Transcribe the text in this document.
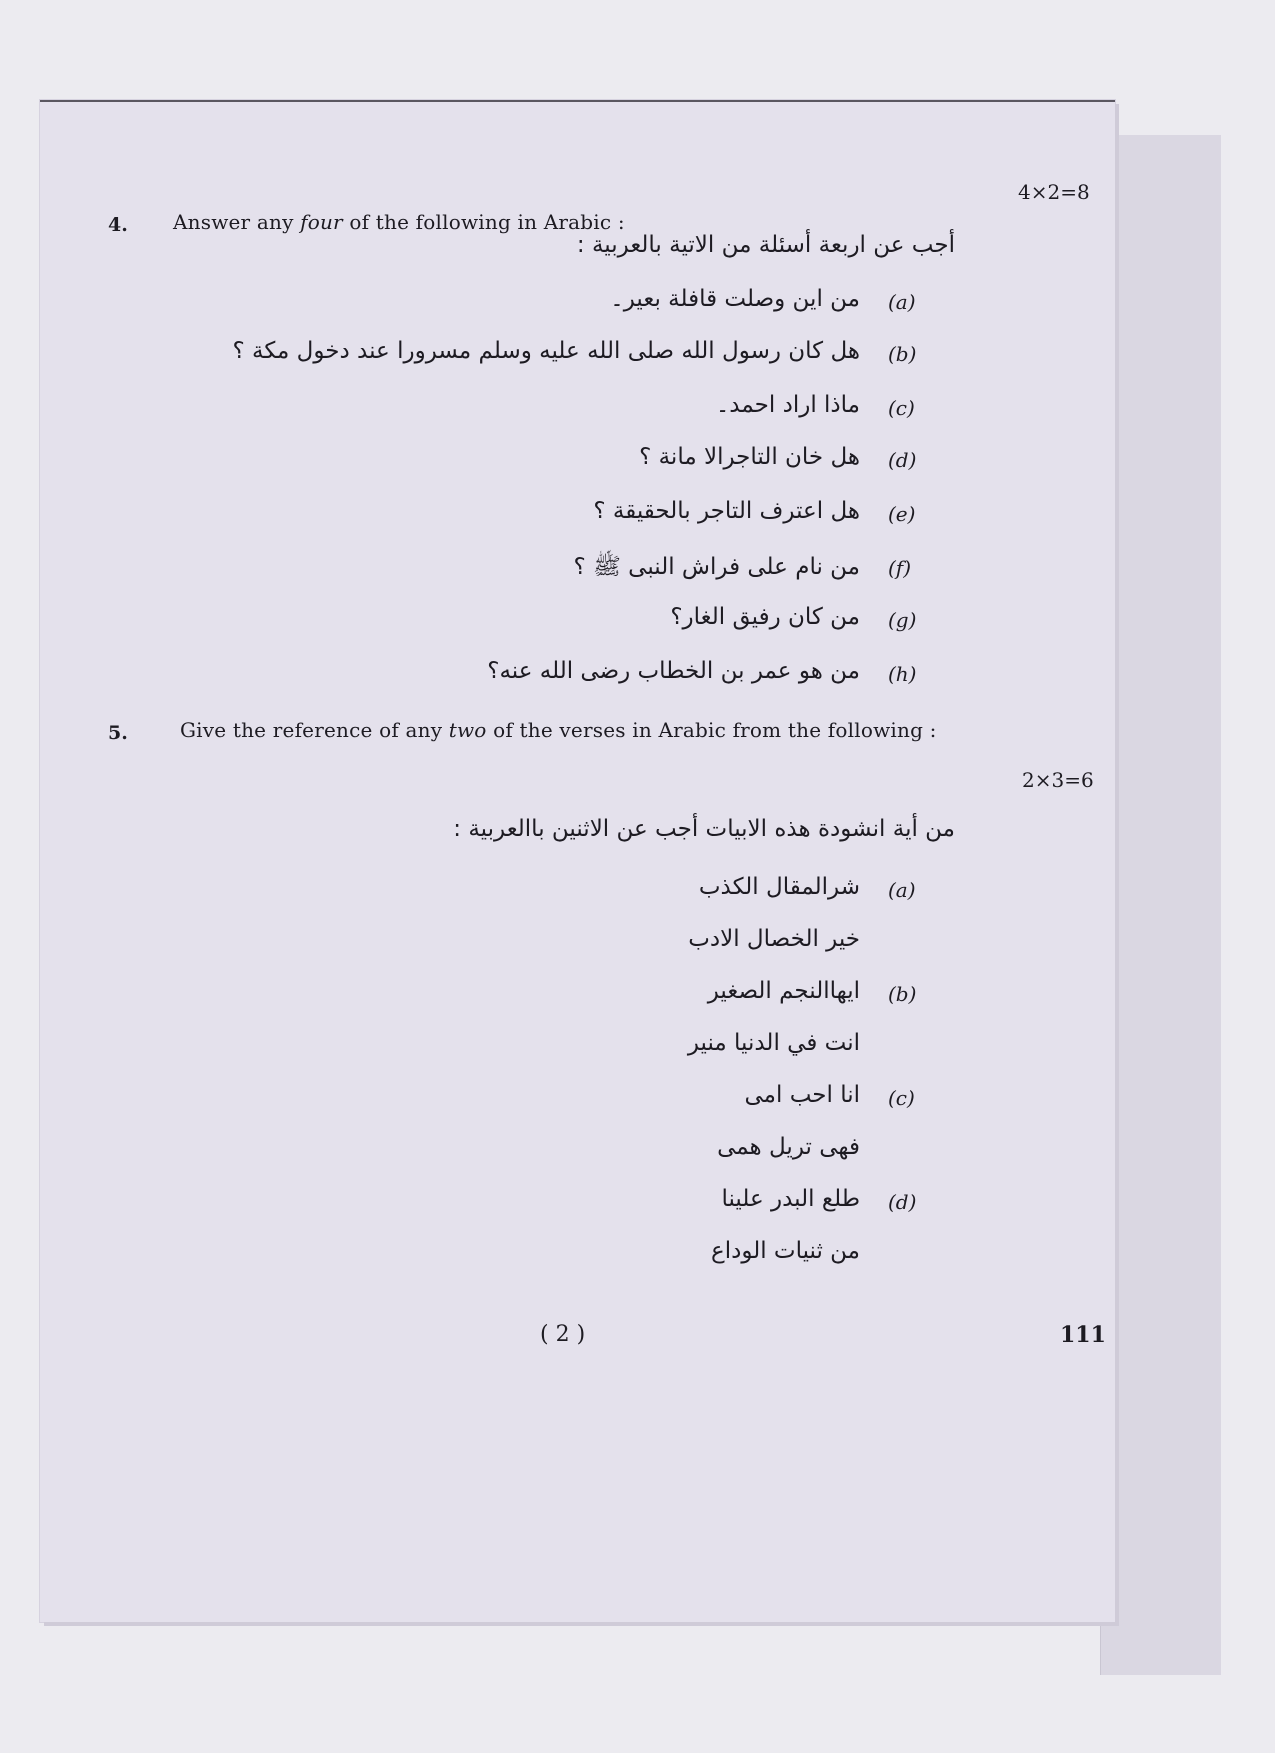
4. Answer any four of the following in Arabic :
4×2=8
أجب عن اربعة أسئلة من الاتية بالعربية :
(a)
من اين وصلت قافلة بعير۔
(b)
هل كان رسول الله صلى الله عليه وسلم مسرورا عند دخول مكة ؟
(c)
ماذا اراد احمد۔
(d)
هل خان التاجرالا مانة ؟
(e)
هل اعترف التاجر بالحقيقة ؟
(f)
من نام على فراش النبى ﷺ ؟
(g)
من كان رفيق الغار؟
(h)
من هو عمر بن الخطاب رضى الله عنه؟
5.	Give the reference of any two of the verses in Arabic from the following :
2×3=6
من أية انشودة هذه الابيات أجب عن الاثنين باالعربية :
(a)
شرالمقال الكذب
خير الخصال الادب
(b)
ايهاالنجم الصغير
انت في الدنيا منير
(c)
انا احب امى
فهى تريل همى
(d)
طلع البدر علينا
من ثنيات الوداع
( 2 )	111
